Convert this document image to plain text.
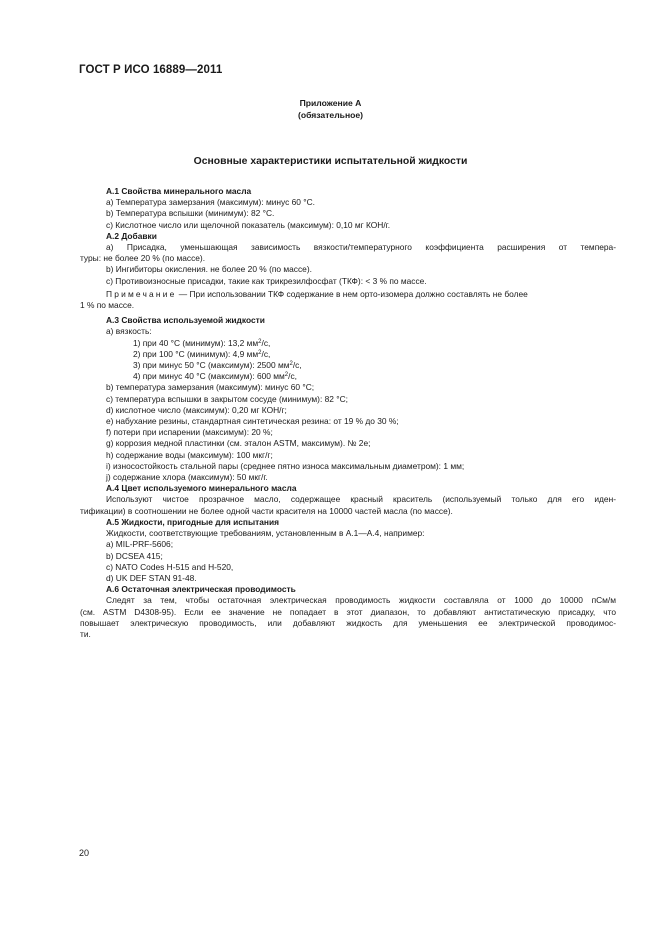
ГОСТ Р ИСО 16889—2011
Приложение А
(обязательное)
Основные характеристики испытательной жидкости
А.1 Свойства минерального масла
а) Температура замерзания (максимум): минус 60 °С.
b) Температура вспышки (минимум): 82 °С.
с) Кислотное число или щелочной показатель (максимум): 0,10 мг КОН/г.
А.2 Добавки
а) Присадка, уменьшающая зависимость вязкости/температурного коэффициента расширения от темпера-
туры: не более 20 % (по массе).
b) Ингибиторы окисления. не более 20 % (по массе).
с) Противоизносные присадки, такие как трикрезилфосфат (ТКФ): < 3 % по массе.
Примечание — При использовании ТКФ содержание в нем орто-изомера должно составлять не более
1 % по массе.
А.3 Свойства используемой жидкости
а) вязкость:
1) при 40 °С (минимум): 13,2 $мм^2/с$,
2) при 100 °С (минимум): 4,9 $мм^2/с$,
3) при минус 50 °С (максимум): 2500 $мм^2/с$,
4) при минус 40 °С (максимум): 600 $мм^2/с$,
b) температура замерзания (максимум): минус 60 °С;
с) температура вспышки в закрытом сосуде (минимум): 82 °С;
d) кислотное число (максимум): 0,20 мг КОН/г;
е) набухание резины, стандартная синтетическая резина: от 19 % до 30 %;
f) потери при испарении (максимум): 20 %;
g) коррозия медной пластинки (см. эталон ASTM, максимум). № 2е;
h) содержание воды (максимум): 100 мкг/г;
i) износостойкость стальной пары (среднее пятно износа максимальным диаметром): 1 мм;
j) содержание хлора (максимум): 50 мкг/г.
А.4 Цвет используемого минерального масла
Используют чистое прозрачное масло, содержащее красный краситель (используемый только для его иден-
тификации) в соотношении не более одной части красителя на 10000 частей масла (по массе).
А.5 Жидкости, пригодные для испытания
Жидкости, соответствующие требованиям, установленным в А.1—А.4, например:
а) MIL-PRF-5606;
b) DCSEA 415;
с) NATO Codes Н-515 and Н-520,
d) UK DEF STAN 91-48.
А.6 Остаточная электрическая проводимость
Следят за тем, чтобы остаточная электрическая проводимость жидкости составляла от 1000 до 10000 пСм/м
(см. ASTM D4308-95). Если ее значение не попадает в этот диапазон, то добавляют антистатическую присадку, что
повышает электрическую проводимость, или добавляют жидкость для уменьшения ее электрической проводимос-
ти.
20
